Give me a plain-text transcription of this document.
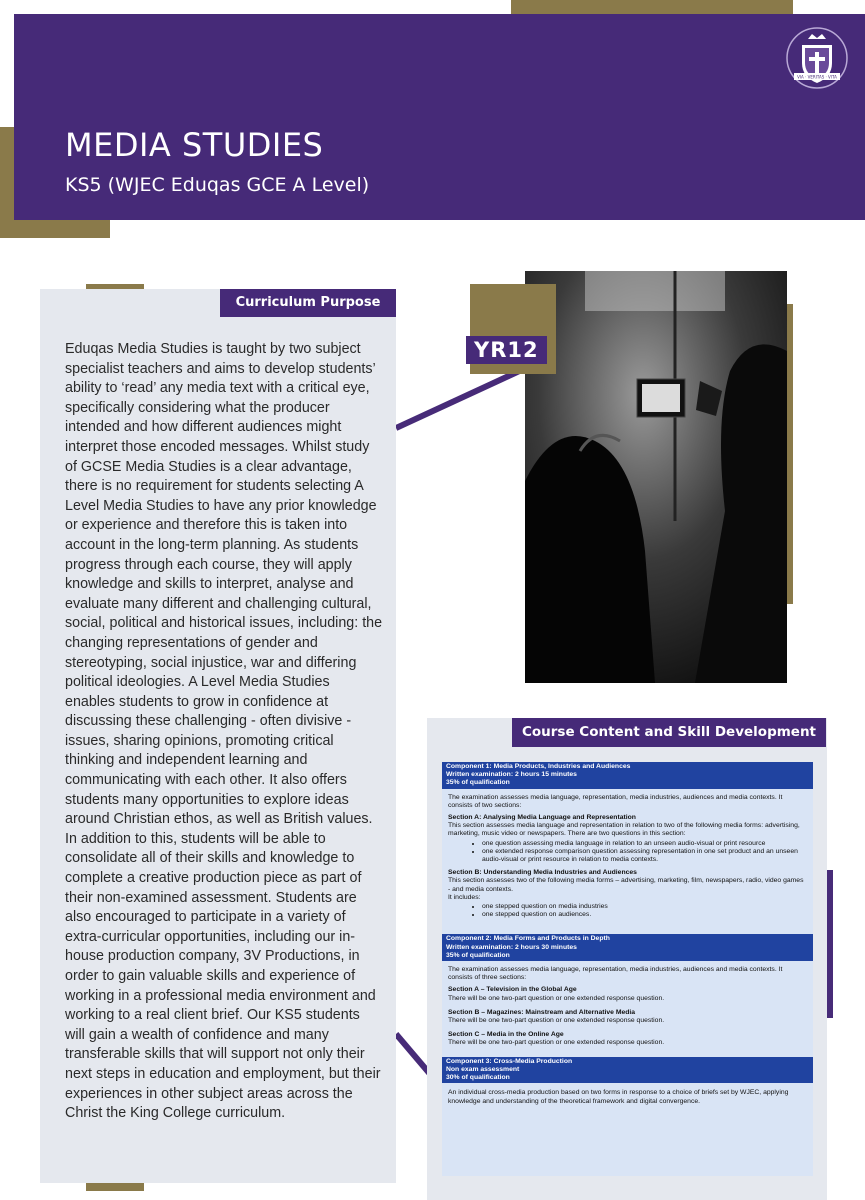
MEDIA STUDIES

KS5 (WJEC Eduqas GCE A Level)

VIA · VERITAS · VITA
Curriculum Purpose

Eduqas Media Studies is taught by two subject specialist teachers and aims to develop students’ ability to ‘read’ any media text with a critical eye, specifically considering what the producer intended and how different audiences might interpret those encoded messages. Whilst study of GCSE Media Studies is a clear advantage, there is no requirement for students selecting A Level Media Studies to have any prior knowledge or experience and therefore this is taken into account in the long-term planning. As students progress through each course, they will apply knowledge and skills to interpret, analyse and evaluate many different and challenging cultural, social, political and historical issues, including: the changing representations of gender and stereotyping, social injustice, war and differing political ideologies. A Level Media Studies enables students to grow in confidence at discussing these challenging - often divisive - issues, sharing opinions, promoting critical thinking and independent learning and communicating with each other. It also offers students many opportunities to explore ideas around Christian ethos, as well as British values. In addition to this, students will be able to consolidate all of their skills and knowledge to complete a creative production piece as part of their non-examined assessment. Students are also encouraged to participate in a variety of extra-curricular opportunities, including our in-house production company, 3V Productions, in order to gain valuable skills and experience of working in a professional media environment and working to a real client brief. Our KS5 students will gain a wealth of confidence and many transferable skills that will support not only their next steps in education and employment, but their experiences in other subject areas across the Christ the King College curriculum.

YR12
Course Content and Skill Development
Component 1: Media Products, Industries and Audiences
Written examination: 2 hours 15 minutes
35% of qualification

The examination assesses media language, representation, media industries, audiences and media contexts. It consists of two sections:

Section A: Analysing Media Language and Representation
This section assesses media language and representation in relation to two of the following media forms: advertising, marketing, music video or newspapers. There are two questions in this section:
• one question assessing media language in relation to an unseen audio-visual or print resource
• one extended response comparison question assessing representation in one set product and an unseen audio-visual or print resource in relation to media contexts.
Section B: Understanding Media Industries and Audiences
This section assesses two of the following media forms – advertising, marketing, film, newspapers, radio, video games - and media contexts.
It includes:
• one stepped question on media industries
• one stepped question on audiences.
Component 2: Media Forms and Products in Depth
Written examination: 2 hours 30 minutes
35% of qualification

The examination assesses media language, representation, media industries, audiences and media contexts. It consists of three sections:

Section A – Television in the Global Age

There will be one two-part question or one extended response question.

Section B – Magazines: Mainstream and Alternative Media

There will be one two-part question or one extended response question.

Section C – Media in the Online Age

There will be one two-part question or one extended response question.

Component 3: Cross-Media Production
Non exam assessment
30% of qualification

An individual cross-media production based on two forms in response to a choice of briefs set by WJEC, applying knowledge and understanding of the theoretical framework and digital convergence.
